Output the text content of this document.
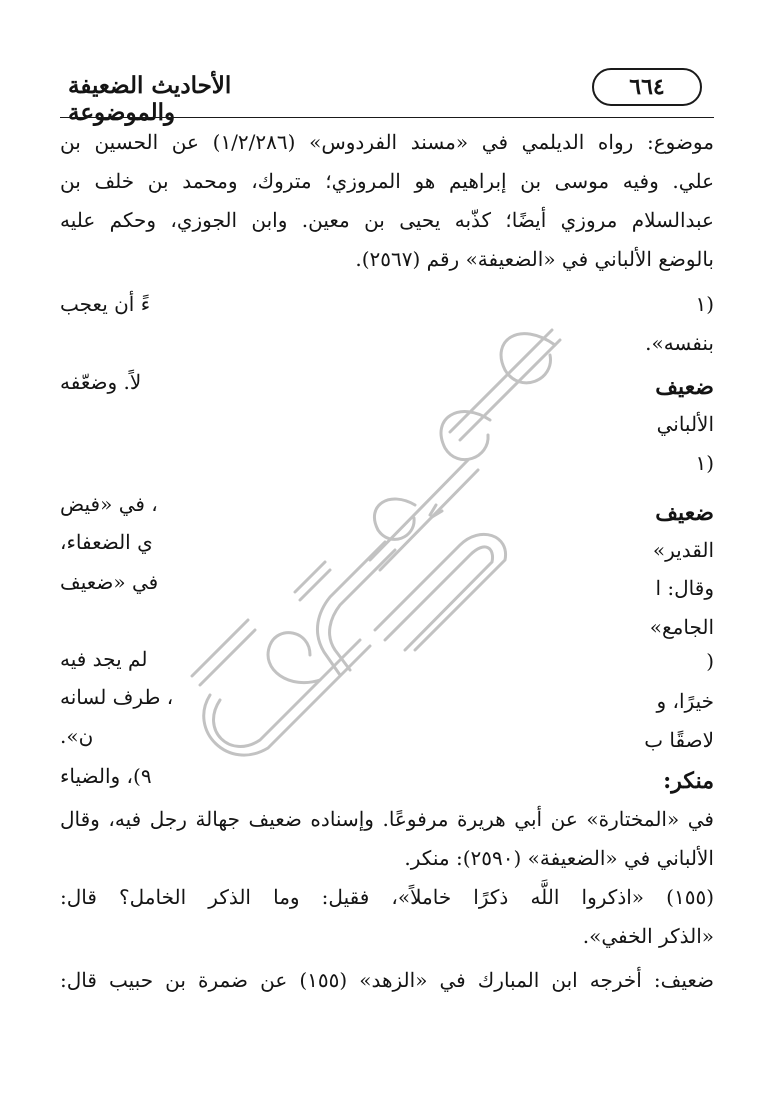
الأحاديث الضعيفة والموضوعة
٦٦٤
موضوع: رواه الديلمي في «مسند الفردوس» (١/٢/٢٨٦) عن الحسين بن
علي. وفيه موسى بن إبراهيم هو المروزي؛ متروك، ومحمد بن خلف بن
عبدالسلام مروزي أيضًا؛ كذّبه يحيى بن معين. وابن الجوزي، وحكم عليه
بالوضع الألباني في «الضعيفة» رقم (٢٥٦٧).
(١
ءً أن يعجب
بنفسه».
ضعيف
لاً. وضعّفه
الألباني
(١
ضعيف
، في «فيض
القدير»
ي الضعفاء،
وقال: ا
في «ضعيف
الجامع»
(
لم يجد فيه
خيرًا، و
، طرف لسانه
لاصقًا ب
ن».
منكر:
٩)، والضياء
في «المختارة» عن أبي هريرة مرفوعًا. وإسناده ضعيف جهالة رجل فيه، وقال
الألباني في «الضعيفة» (٢٥٩٠): منكر.
(١٥٥) «اذكروا اللَّه ذكرًا خاملاً»، فقيل: وما الذكر الخامل؟ قال:
«الذكر الخفي».
ضعيف: أخرجه ابن المبارك في «الزهد» (١٥٥) عن ضمرة بن حبيب قال:
